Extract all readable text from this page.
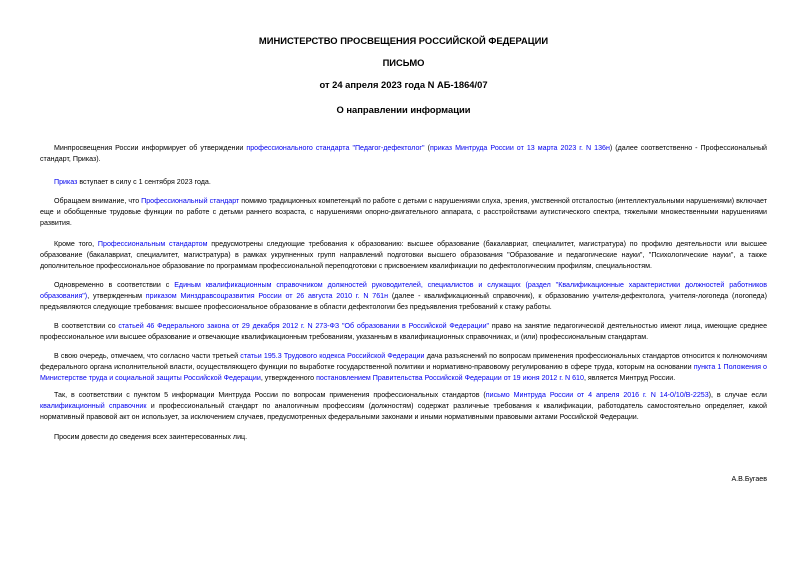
МИНИСТЕРСТВО ПРОСВЕЩЕНИЯ РОССИЙСКОЙ ФЕДЕРАЦИИ
ПИСЬМО
от 24 апреля 2023 года N АБ-1864/07
О направлении информации
Минпросвещения России информирует об утверждении профессионального стандарта "Педагог-дефектолог" (приказ Минтруда России от 13 марта 2023 г. N 136н) (далее соответственно - Профессиональный стандарт, Приказ).
Приказ вступает в силу с 1 сентября 2023 года.
Обращаем внимание, что Профессиональный стандарт помимо традиционных компетенций по работе с детьми с нарушениями слуха, зрения, умственной отсталостью (интеллектуальными нарушениями) включает еще и обобщенные трудовые функции по работе с детьми раннего возраста, с нарушениями опорно-двигательного аппарата, с расстройствами аутистического спектра, тяжелыми множественными нарушениями развития.
Кроме того, Профессиональным стандартом предусмотрены следующие требования к образованию: высшее образование (бакалавриат, специалитет, магистратура) по профилю деятельности или высшее образование (бакалавриат, специалитет, магистратура) в рамках укрупненных групп направлений подготовки высшего образования "Образование и педагогические науки", "Психологические науки", а также дополнительное профессиональное образование по программам профессиональной переподготовки с присвоением квалификации по дефектологическим профилям, специальностям.
Одновременно в соответствии с Единым квалификационным справочником должностей руководителей, специалистов и служащих (раздел "Квалификационные характеристики должностей работников образования"), утвержденным приказом Минздравсоцразвития России от 26 августа 2010 г. N 761н (далее - квалификационный справочник), к образованию учителя-дефектолога, учителя-логопеда (логопеда) предъявляются следующие требования: высшее профессиональное образование в области дефектологии без предъявления требований к стажу работы.
В соответствии со статьей 46 Федерального закона от 29 декабря 2012 г. N 273-ФЗ "Об образовании в Российской Федерации" право на занятие педагогической деятельностью имеют лица, имеющие среднее профессиональное или высшее образование и отвечающие квалификационным требованиям, указанным в квалификационных справочниках, и (или) профессиональным стандартам.
В свою очередь, отмечаем, что согласно части третьей статьи 195.3 Трудового кодекса Российской Федерации дача разъяснений по вопросам применения профессиональных стандартов относится к полномочиям федерального органа исполнительной власти, осуществляющего функции по выработке государственной политики и нормативно-правовому регулированию в сфере труда, которым на основании пункта 1 Положения о Министерстве труда и социальной защиты Российской Федерации, утвержденного постановлением Правительства Российской Федерации от 19 июня 2012 г. N 610, является Минтруд России.
Так, в соответствии с пунктом 5 информации Минтруда России по вопросам применения профессиональных стандартов (письмо Минтруда России от 4 апреля 2016 г. N 14-0/10/В-2253), в случае если квалификационный справочник и профессиональный стандарт по аналогичным профессиям (должностям) содержат различные требования к квалификации, работодатель самостоятельно определяет, какой нормативный правовой акт он использует, за исключением случаев, предусмотренных федеральными законами и иными нормативными правовыми актами Российской Федерации.
Просим довести до сведения всех заинтересованных лиц.
А.В.Бугаев
